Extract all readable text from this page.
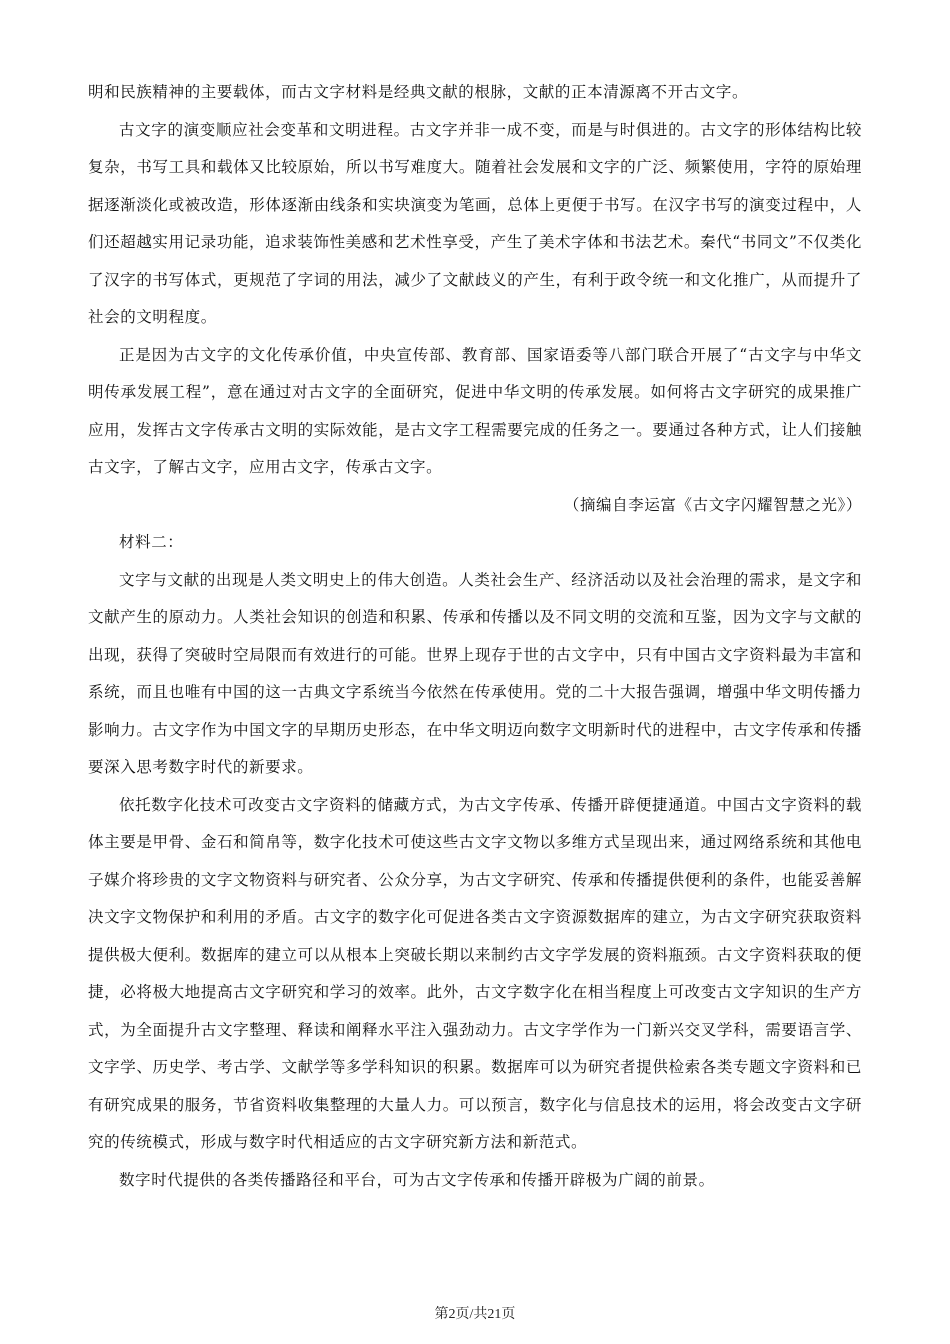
明和民族精神的主要载体，而古文字材料是经典文献的根脉，文献的正本清源离不开古文字。

古文字的演变顺应社会变革和文明进程。古文字并非一成不变，而是与时俱进的。古文字的形体结构比较复杂，书写工具和载体又比较原始，所以书写难度大。随着社会发展和文字的广泛、频繁使用，字符的原始理据逐渐淡化或被改造，形体逐渐由线条和实块演变为笔画，总体上更便于书写。在汉字书写的演变过程中，人们还超越实用记录功能，追求装饰性美感和艺术性享受，产生了美术字体和书法艺术。秦代“书同文”不仅类化了汉字的书写体式，更规范了字词的用法，减少了文献歧义的产生，有利于政令统一和文化推广，从而提升了社会的文明程度。

正是因为古文字的文化传承价值，中央宣传部、教育部、国家语委等八部门联合开展了“古文字与中华文明传承发展工程”，意在通过对古文字的全面研究，促进中华文明的传承发展。如何将古文字研究的成果推广应用，发挥古文字传承古文明的实际效能，是古文字工程需要完成的任务之一。要通过各种方式，让人们接触古文字，了解古文字，应用古文字，传承古文字。

（摘编自李运富《古文字闪耀智慧之光》）

材料二：

文字与文献的出现是人类文明史上的伟大创造。人类社会生产、经济活动以及社会治理的需求，是文字和文献产生的原动力。人类社会知识的创造和积累、传承和传播以及不同文明的交流和互鉴，因为文字与文献的出现，获得了突破时空局限而有效进行的可能。世界上现存于世的古文字中，只有中国古文字资料最为丰富和系统，而且也唯有中国的这一古典文字系统当今依然在传承使用。党的二十大报告强调，增强中华文明传播力影响力。古文字作为中国文字的早期历史形态，在中华文明迈向数字文明新时代的进程中，古文字传承和传播要深入思考数字时代的新要求。

依托数字化技术可改变古文字资料的储藏方式，为古文字传承、传播开辟便捷通道。中国古文字资料的载体主要是甲骨、金石和简帛等，数字化技术可使这些古文字文物以多维方式呈现出来，通过网络系统和其他电子媒介将珍贵的文字文物资料与研究者、公众分享，为古文字研究、传承和传播提供便利的条件，也能妥善解决文字文物保护和利用的矛盾。古文字的数字化可促进各类古文字资源数据库的建立，为古文字研究获取资料提供极大便利。数据库的建立可以从根本上突破长期以来制约古文字学发展的资料瓶颈。古文字资料获取的便捷，必将极大地提高古文字研究和学习的效率。此外，古文字数字化在相当程度上可改变古文字知识的生产方式，为全面提升古文字整理、释读和阐释水平注入强劲动力。古文字学作为一门新兴交叉学科，需要语言学、文字学、历史学、考古学、文献学等多学科知识的积累。数据库可以为研究者提供检索各类专题文字资料和已有研究成果的服务，节省资料收集整理的大量人力。可以预言，数字化与信息技术的运用，将会改变古文字研究的传统模式，形成与数字时代相适应的古文字研究新方法和新范式。

数字时代提供的各类传播路径和平台，可为古文字传承和传播开辟极为广阔的前景。

第2页/共21页
